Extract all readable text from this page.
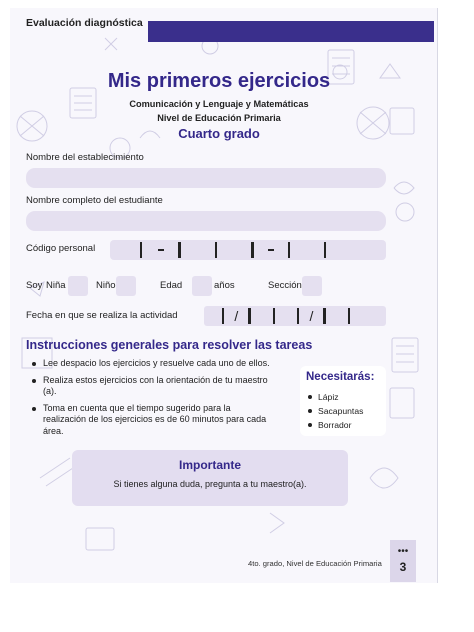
Evaluación diagnóstica
Mis primeros ejercicios
Comunicación y Lenguaje y Matemáticas
Nivel de Educación Primaria
Cuarto grado
Nombre del establecimiento
Nombre completo del estudiante
Código personal
Soy Niña	Niño	Edad	años	Sección
Fecha en que se realiza la actividad	/	/
Instrucciones generales para resolver las tareas
Lee despacio los ejercicios y resuelve cada uno de ellos.
Realiza estos ejercicios con la orientación de tu maestro (a).
Toma en cuenta que el tiempo sugerido para la realización de los ejercicios es de 60 minutos para cada área.
Necesitarás:
Lápiz
Sacapuntas
Borrador
Importante
Si tienes alguna duda, pregunta a tu maestro(a).
4to. grado, Nivel de Educación Primaria
•••
3
